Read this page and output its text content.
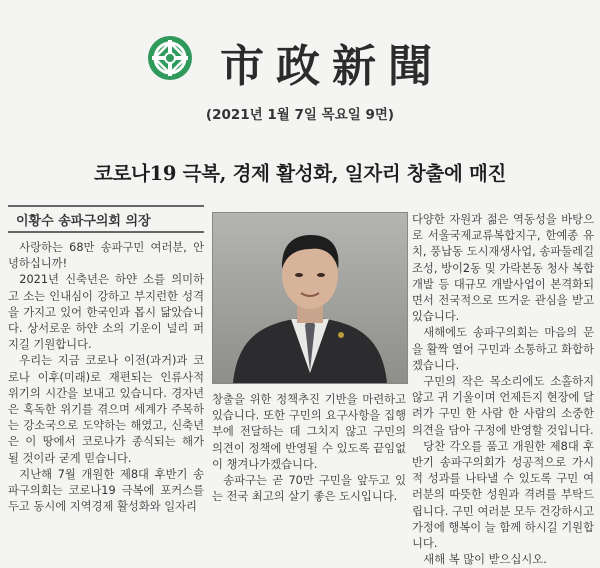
市政新聞
(2021년 1월 7일 목요일 9면)
코로나19 극복, 경제 활성화, 일자리 창출에 매진
이황수 송파구의회 의장

사랑하는 68만 송파구민 여러분, 안녕하십니까!

2021년 신축년은 하얀 소를 의미하고 소는 인내심이 강하고 부지런한 성격을 가지고 있어 한국인과 몹시 닮았습니다. 상서로운 하얀 소의 기운이 널리 퍼지길 기원합니다.

우리는 지금 코로나 이전(과거)과 코로나 이후(미래)로 재편되는 인류사적 위기의 시간을 보내고 있습니다. 경자년은 혹독한 위기를 겪으며 세계가 주목하는 강소국으로 도약하는 해였고, 신축년은 이 땅에서 코로나가 종식되는 해가 될 것이라 굳게 믿습니다.

지난해 7월 개원한 제8대 후반기 송파구의회는 코로나19 극복에 포커스를 두고 동시에 지역경제 활성화와 일자리

창출을 위한 정책추진 기반을 마련하고 있습니다. 또한 구민의 요구사항을 집행부에 전달하는 데 그치지 않고 구민의 의견이 정책에 반영될 수 있도록 끝임없이 챙겨나가겠습니다.

송파구는 곧 70만 구민을 앞두고 있는 전국 최고의 살기 좋은 도시입니다.

다양한 자원과 젊은 역동성을 바탕으로 서울국제교류복합지구, 한예종 유치, 풍납동 도시재생사업, 송파둘레길 조성, 방이2동 및 가락본동 청사 복합개발 등 대규모 개발사업이 본격화되면서 전국적으로 뜨거운 관심을 받고 있습니다.

새해에도 송파구의회는 마음의 문을 활짝 열어 구민과 소통하고 화합하겠습니다.

구민의 작은 목소리에도 소홀하지 않고 귀 기울이며 언제든지 현장에 달려가 구민 한 사람 한 사람의 소중한 의견을 담아 구정에 반영할 것입니다.

당찬 각오를 품고 개원한 제8대 후반기 송파구의회가 성공적으로 가시적 성과를 나타낼 수 있도록 구민 여러분의 따뜻한 성원과 격려를 부탁드립니다. 구민 여러분 모두 건강하시고 가정에 행복이 늘 함께 하시길 기원합니다.

새해 복 많이 받으십시오.
